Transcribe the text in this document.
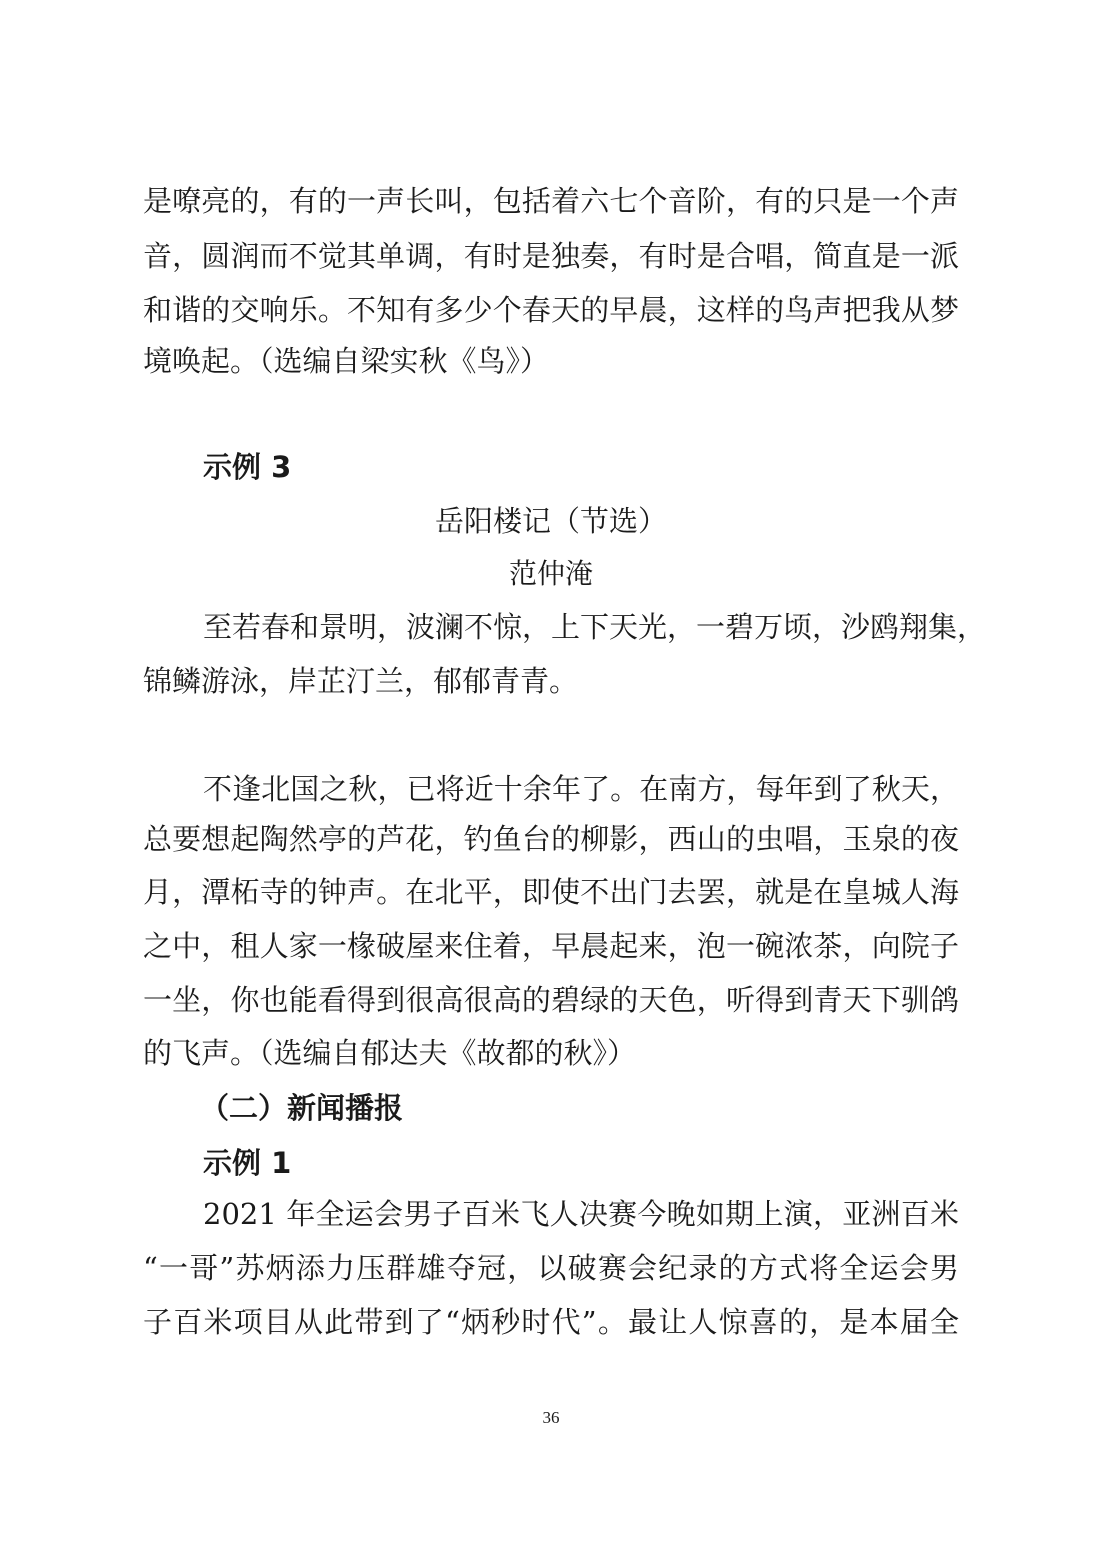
是嘹亮的，有的一声长叫，包括着六七个音阶，有的只是一个声
音，圆润而不觉其单调，有时是独奏，有时是合唱，简直是一派
和谐的交响乐。不知有多少个春天的早晨，这样的鸟声把我从梦
境唤起。（选编自梁实秋《鸟》）
示例 3
岳阳楼记（节选）
范仲淹
至若春和景明，波澜不惊，上下天光，一碧万顷，沙鸥翔集，
锦鳞游泳，岸芷汀兰，郁郁青青。
不逢北国之秋，已将近十余年了。在南方，每年到了秋天，
总要想起陶然亭的芦花，钓鱼台的柳影，西山的虫唱，玉泉的夜
月，潭柘寺的钟声。在北平，即使不出门去罢，就是在皇城人海
之中，租人家一椽破屋来住着，早晨起来，泡一碗浓茶，向院子
一坐，你也能看得到很高很高的碧绿的天色，听得到青天下驯鸽
的飞声。（选编自郁达夫《故都的秋》）
（二）新闻播报
示例 1
2021 年全运会男子百米飞人决赛今晚如期上演，亚洲百米
“一哥”苏炳添力压群雄夺冠，以破赛会纪录的方式将全运会男
子百米项目从此带到了“炳秒时代”。最让人惊喜的，是本届全
36
